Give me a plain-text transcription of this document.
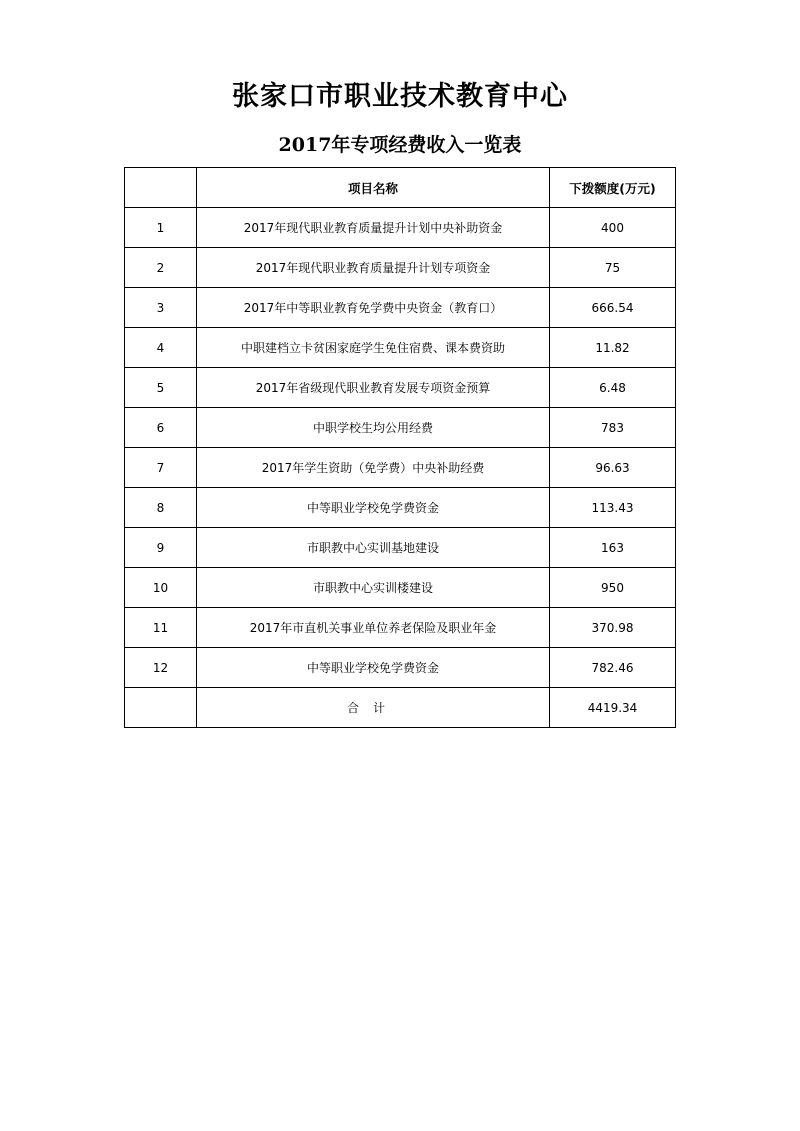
张家口市职业技术教育中心
2017年专项经费收入一览表
	项目名称	下拨额度(万元)
1	2017年现代职业教育质量提升计划中央补助资金	400
2	2017年现代职业教育质量提升计划专项资金	75
3	2017年中等职业教育免学费中央资金（教育口）	666.54
4	中职建档立卡贫困家庭学生免住宿费、课本费资助	11.82
5	2017年省级现代职业教育发展专项资金预算	6.48
6	中职学校生均公用经费	783
7	2017年学生资助（免学费）中央补助经费	96.63
8	中等职业学校免学费资金	113.43
9	市职教中心实训基地建设	163
10	市职教中心实训楼建设	950
11	2017年市直机关事业单位养老保险及职业年金	370.98
12	中等职业学校免学费资金	782.46
	合计	4419.34
